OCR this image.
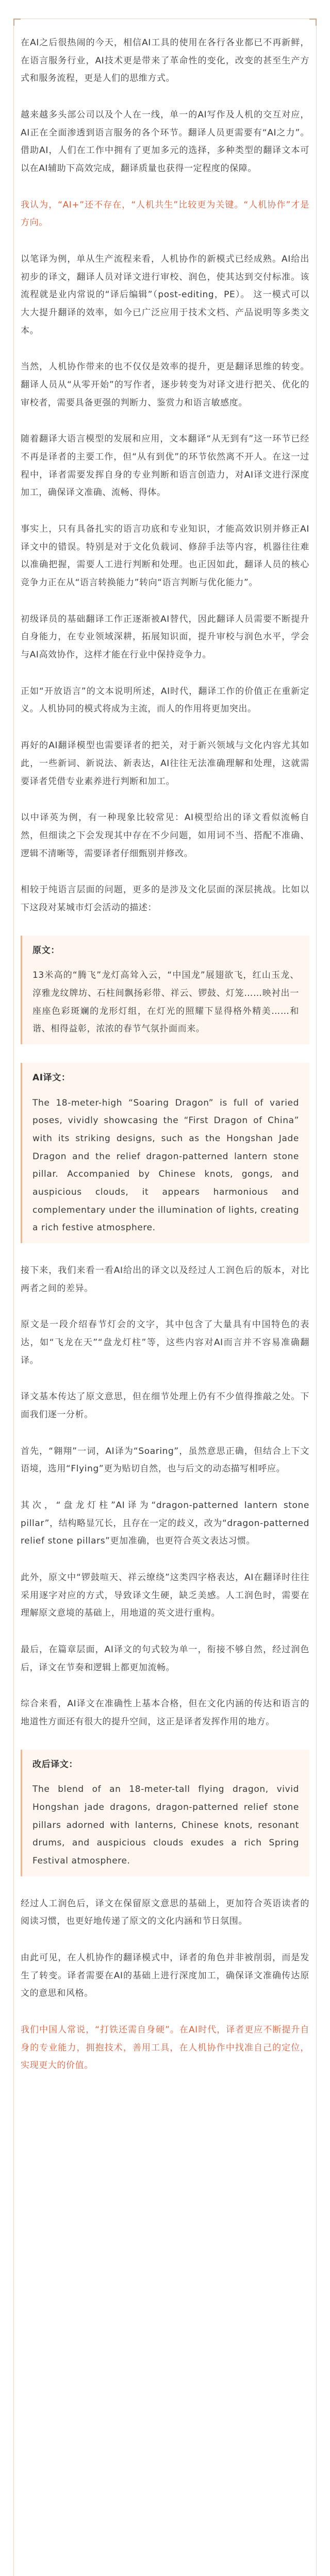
在AI之后很热闹的今天，相信AI工具的使用在各行各业都已不再新鲜，在语言服务行业，AI技术更是带来了革命性的变化，改变的甚至生产方式和服务流程，更是人们的思维方式。

越来越多头部公司以及个人在一线，单一的AI写作及人机的交互对应，AI正在全面渗透到语言服务的各个环节。翻译人员更需要有“AI之力”。借助AI，人们在工作中拥有了更加多元的选择，多种类型的翻译文本可以在AI辅助下高效完成，翻译质量也获得一定程度的保障。

我认为，“AI+”还不存在，“人机共生”比较更为关键。“人机协作”才是方向。

以笔译为例，单从生产流程来看，人机协作的新模式已经成熟。AI给出初步的译文，翻译人员对译文进行审校、润色，使其达到交付标准。该流程就是业内常说的“译后编辑”（post-editing，PE）。 这一模式可以大大提升翻译的效率，如今已广泛应用于技术文档、产品说明等多类文本。

当然，人机协作带来的也不仅仅是效率的提升，更是翻译思维的转变。翻译人员从“从零开始”的写作者，逐步转变为对译文进行把关、优化的审校者，需要具备更强的判断力、鉴赏力和语言敏感度。

随着翻译大语言模型的发展和应用，文本翻译“从无到有”这一环节已经不再是译者的主要工作，但“从有到优”的环节依然离不开人。在这一过程中，译者需要发挥自身的专业判断和语言创造力，对AI译文进行深度加工，确保译文准确、流畅、得体。

事实上，只有具备扎实的语言功底和专业知识，才能高效识别并修正AI译文中的错误。特别是对于文化负载词、修辞手法等内容，机器往往难以准确把握，需要人工进行判断和处理。也正因如此，翻译人员的核心竞争力正在从“语言转换能力”转向“语言判断与优化能力”。

初级译员的基础翻译工作正逐渐被AI替代，因此翻译人员需要不断提升自身能力，在专业领域深耕，拓展知识面，提升审校与润色水平，学会与AI高效协作，这样才能在行业中保持竞争力。

正如“开放语言”的文本说明所述，AI时代，翻译工作的价值正在重新定义。人机协同的模式将成为主流，而人的作用将更加突出。

再好的AI翻译模型也需要译者的把关，对于新兴领域与文化内容尤其如此，一些新词、新说法、新表达，AI往往无法准确理解和处理，这就需要译者凭借专业素养进行判断和加工。

以中译英为例，有一种现象比较常见：AI模型给出的译文看似流畅自然，但细读之下会发现其中存在不少问题，如用词不当、搭配不准确、逻辑不清晰等，需要译者仔细甄别并修改。

相较于纯语言层面的问题，更多的是涉及文化层面的深层挑战。比如以下这段对某城市灯会活动的描述：

原文：

13米高的“腾飞”龙灯高耸入云，“中国龙”展翅欲飞，红山玉龙、淳雅龙纹牌坊、石柱间飘扬彩带、祥云、锣鼓、灯笼……映衬出一座座色彩斑斓的龙形灯组，在灯光的照耀下显得格外精美……和谐、相得益彰，浓浓的春节气氛扑面而来。

AI译文：

The 18-meter-high “Soaring Dragon” is full of varied poses, vividly showcasing the “First Dragon of China” with its striking designs, such as the Hongshan Jade Dragon and the relief dragon-patterned lantern stone pillar. Accompanied by Chinese knots, gongs, and auspicious clouds, it appears harmonious and complementary under the illumination of lights, creating a rich festive atmosphere.

接下来，我们来看一看AI给出的译文以及经过人工润色后的版本，对比两者之间的差异。

原文是一段介绍春节灯会的文字，其中包含了大量具有中国特色的表达，如“飞龙在天”“盘龙灯柱”等，这些内容对AI而言并不容易准确翻译。

译文基本传达了原文意思，但在细节处理上仍有不少值得推敲之处。下面我们逐一分析。

首先，“翱翔”一词，AI译为“Soaring”，虽然意思正确，但结合上下文语境，选用“Flying”更为贴切自然，也与后文的动态描写相呼应。

其次，“盘龙灯柱”AI译为“dragon-patterned lantern stone pillar”，结构略显冗长，且存在一定的歧义，改为“dragon-patterned relief stone pillars”更加准确，也更符合英文表达习惯。

此外，原文中“锣鼓喧天、祥云缭绕”这类四字格表达，AI在翻译时往往采用逐字对应的方式，导致译文生硬，缺乏美感。人工润色时，需要在理解原文意境的基础上，用地道的英文进行重构。

最后，在篇章层面，AI译文的句式较为单一，衔接不够自然，经过润色后，译文在节奏和逻辑上都更加流畅。

综合来看，AI译文在准确性上基本合格，但在文化内涵的传达和语言的地道性方面还有很大的提升空间，这正是译者发挥作用的地方。

改后译文：

The blend of an 18-meter-tall flying dragon, vivid Hongshan jade dragons, dragon-patterned relief stone pillars adorned with lanterns, Chinese knots, resonant drums, and auspicious clouds exudes a rich Spring Festival atmosphere.

经过人工润色后，译文在保留原文意思的基础上，更加符合英语读者的阅读习惯，也更好地传递了原文的文化内涵和节日氛围。

由此可见，在人机协作的翻译模式中，译者的角色并非被削弱，而是发生了转变。译者需要在AI的基础上进行深度加工，确保译文准确传达原文的意思和风格。

我们中国人常说，“打铁还需自身硬”。在AI时代，译者更应不断提升自身的专业能力，拥抱技术，善用工具，在人机协作中找准自己的定位，实现更大的价值。
